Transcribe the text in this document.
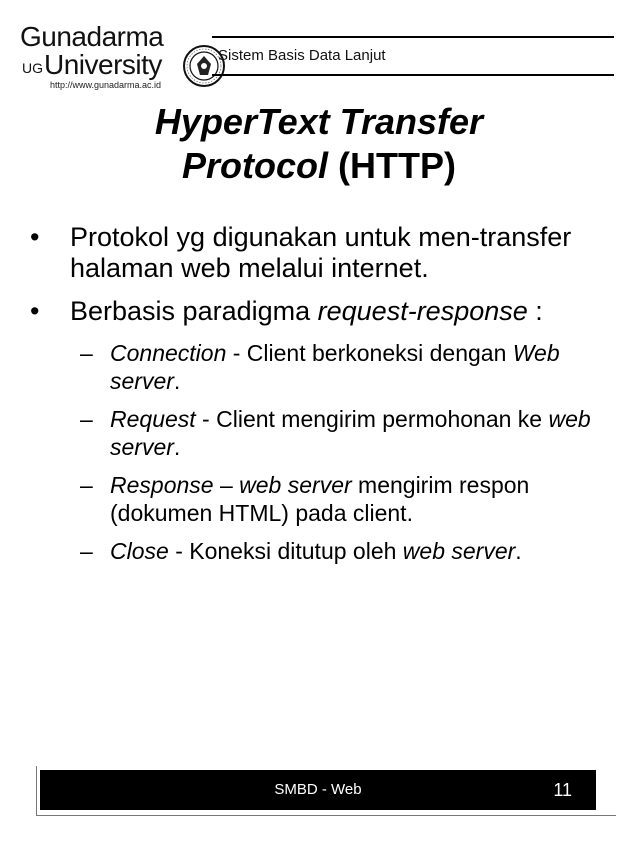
Gunadarma
UG University
http://www.gunadarma.ac.id
Sistem Basis Data Lanjut
HyperText Transfer
Protocol (HTTP)
• Protokol yg digunakan untuk men-transfer halaman web melalui internet.
• Berbasis paradigma request-response :
– Connection - Client berkoneksi dengan Web server.
– Request - Client mengirim permohonan ke web server.
– Response – web server mengirim respon (dokumen HTML) pada client.
– Close - Koneksi ditutup oleh web server.
SMBD - Web	11
